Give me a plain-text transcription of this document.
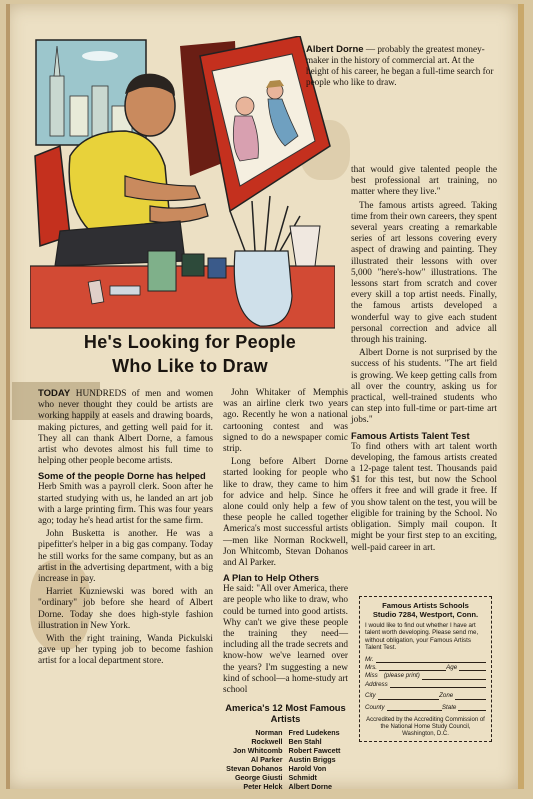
Albert Dorne — probably the greatest money-maker in the history of commercial art. At the height of his career, he began a full-time search for people who like to draw.
He's Looking for People
Who Like to Draw

TODAY HUNDREDS of men and women who never thought they could be artists are working happily at easels and drawing boards, making pictures, and getting well paid for it. They all can thank Albert Dorne, a famous artist who devotes almost his full time to helping other people become artists.

Some of the people Dorne has helped

Herb Smith was a payroll clerk. Soon after he started studying with us, he landed an art job with a large printing firm. This was four years ago; today he's head artist for the same firm.

John Busketta is another. He was a pipefitter's helper in a big gas company. Today he still works for the same company, but as an artist in the advertising department, with a big increase in pay.

Harriet Kuzniewski was bored with an "ordinary" job before she heard of Albert Dorne. Today she does high-style fashion illustration in New York.

With the right training, Wanda Pickulski gave up her typing job to become fashion artist for a local department store.

John Whitaker of Memphis was an airline clerk two years ago. Recently he won a national cartooning contest and was signed to do a newspaper comic strip.

Long before Albert Dorne started looking for people who like to draw, they came to him for advice and help. Since he alone could only help a few of these people he called together America's most successful artists—men like Norman Rockwell, Jon Whitcomb, Stevan Dohanos and Al Parker.

A Plan to Help Others

He said: "All over America, there are people who like to draw, who could be turned into good artists. Why can't we give these people the training they need—including all the trade secrets and know-how we've learned over the years? I'm suggesting a new kind of school—a home-study art school

America's 12 Most Famous Artists
Norman Rockwell
Jon Whitcomb
Al Parker
Stevan Dohanos
George Giusti
Peter Helck
Fred Ludekens
Ben Stahl
Robert Fawcett
Austin Briggs
Harold Von Schmidt
Albert Dorne

that would give talented people the best professional art training, no matter where they live."

The famous artists agreed. Taking time from their own careers, they spent several years creating a remarkable series of art lessons covering every aspect of drawing and painting. They illustrated their lessons with over 5,000 "here's-how" illustrations. The lessons start from scratch and cover every skill a top artist needs. Finally, the famous artists developed a wonderful way to give each student personal correction and advice all through his training.

Albert Dorne is not surprised by the success of his students. "The art field is growing. We keep getting calls from all over the country, asking us for practical, well-trained students who can step into full-time or part-time art jobs."

Famous Artists Talent Test

To find others with art talent worth developing, the famous artists created a 12-page talent test. Thousands paid $1 for this test, but now the School offers it free and will grade it free. If you show talent on the test, you will be eligible for training by the School. No obligation. Simply mail coupon. It might be your first step to an exciting, well-paid career in art.

Famous Artists Schools
Studio 7284, Westport, Conn.
I would like to find out whether I have art talent worth developing. Please send me, without obligation, your Famous Artists Talent Test.
Mr.
Mrs.	Age
Miss (please print)
Address
City	Zone
County	State
Accredited by the Accrediting Commission of the National Home Study Council, Washington, D.C.
